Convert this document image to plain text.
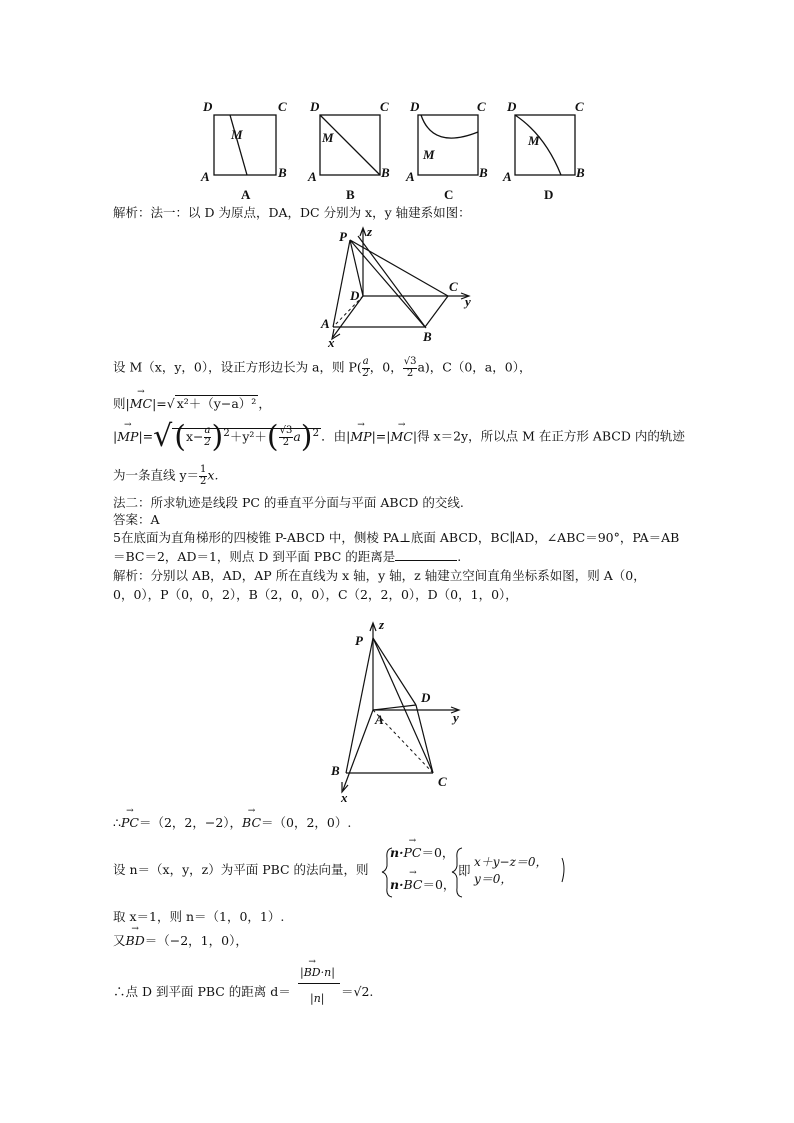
D	C
A	B
M
D	C
A	B
M
D	C
A	B
M
D	C
A	B
M
A	B	C	D
解析：法一：以 D 为原点，DA，DC 分别为 x，y 轴建系如图：
P z
C
y
D
A
x	B
设 M（x，y，0），设正方形边长为 a，则 $P( \frac{a}{2}$ ，0， $\frac{√3}{2} a$)，C（0，a，0），
则|→ MC|=√ x²＋（y−a）² ，
|→ $MP|=√(x- \frac{a}{2} )^2+y^2+( \frac{√3}{2} a)^2$ ．由|→ MP|=|→ MC|得 x＝2y，所以点 M 在正方形 ABCD 内的轨迹
为一条直线 $y= \frac{1}{2} x$.
法二：所求轨迹是线段 PC 的垂直平分面与平面 ABCD 的交线.
答案：A
5在底面为直角梯形的四棱锥 P-ABCD 中，侧棱 PA⊥底面 ABCD，BC∥AD，∠ABC＝90°，PA＝AB
＝BC＝2，AD＝1，则点 D 到平面 PBC 的距离是	.
解析：分别以 AB，AD，AP 所在直线为 x 轴，y 轴，z 轴建立空间直角坐标系如图，则 A（0，
0，0），P（0，0，2），B（2，0，0），C（2，2，0），D（0，1，0），
P
z
D
A	y
B
C
x
∴→ PC＝（2，2，−2），→ BC＝（0，2，0）.
设 n＝（x，y，z）为平面 PBC 的法向量，则
n·→ PC＝0，
n·→ BC＝0，
即
x＋y−z＝0，
y＝0，
取 x＝1，则 n＝（1，0，1）.
又→ BD＝（−2，1，0），
∴点 D 到平面 PBC 的距离 d＝
|→ BD·n|
|n| ＝√2.
